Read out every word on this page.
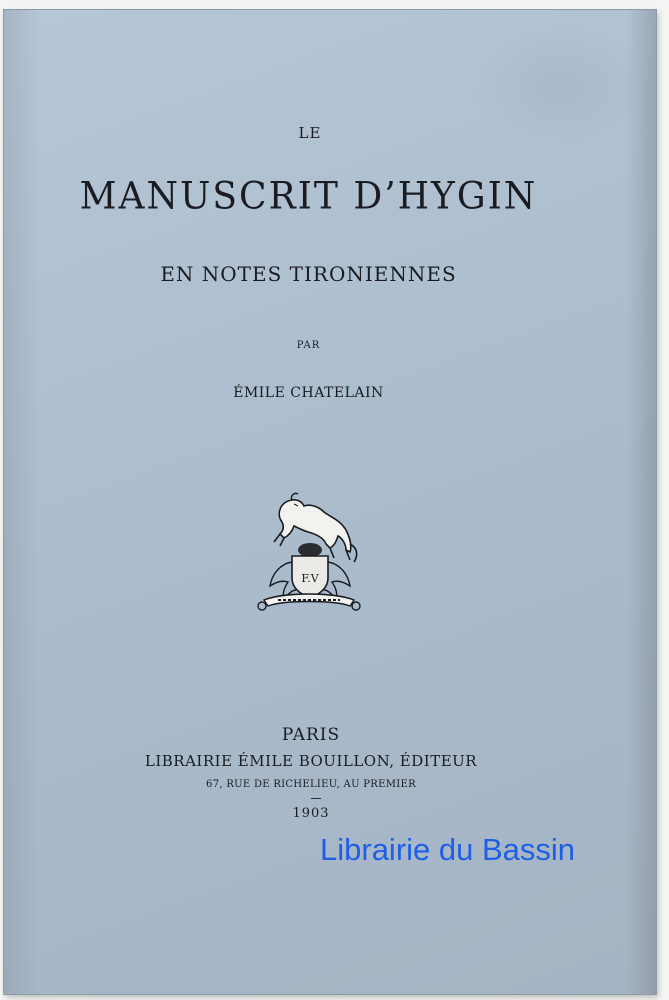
LE
MANUSCRIT D’HYGIN
EN NOTES TIRONIENNES
PAR
ÉMILE CHATELAIN
F.V
PARIS
LIBRAIRIE ÉMILE BOUILLON, ÉDITEUR
67, RUE DE RICHELIEU, AU PREMIER
1903
Librairie du Bassin
